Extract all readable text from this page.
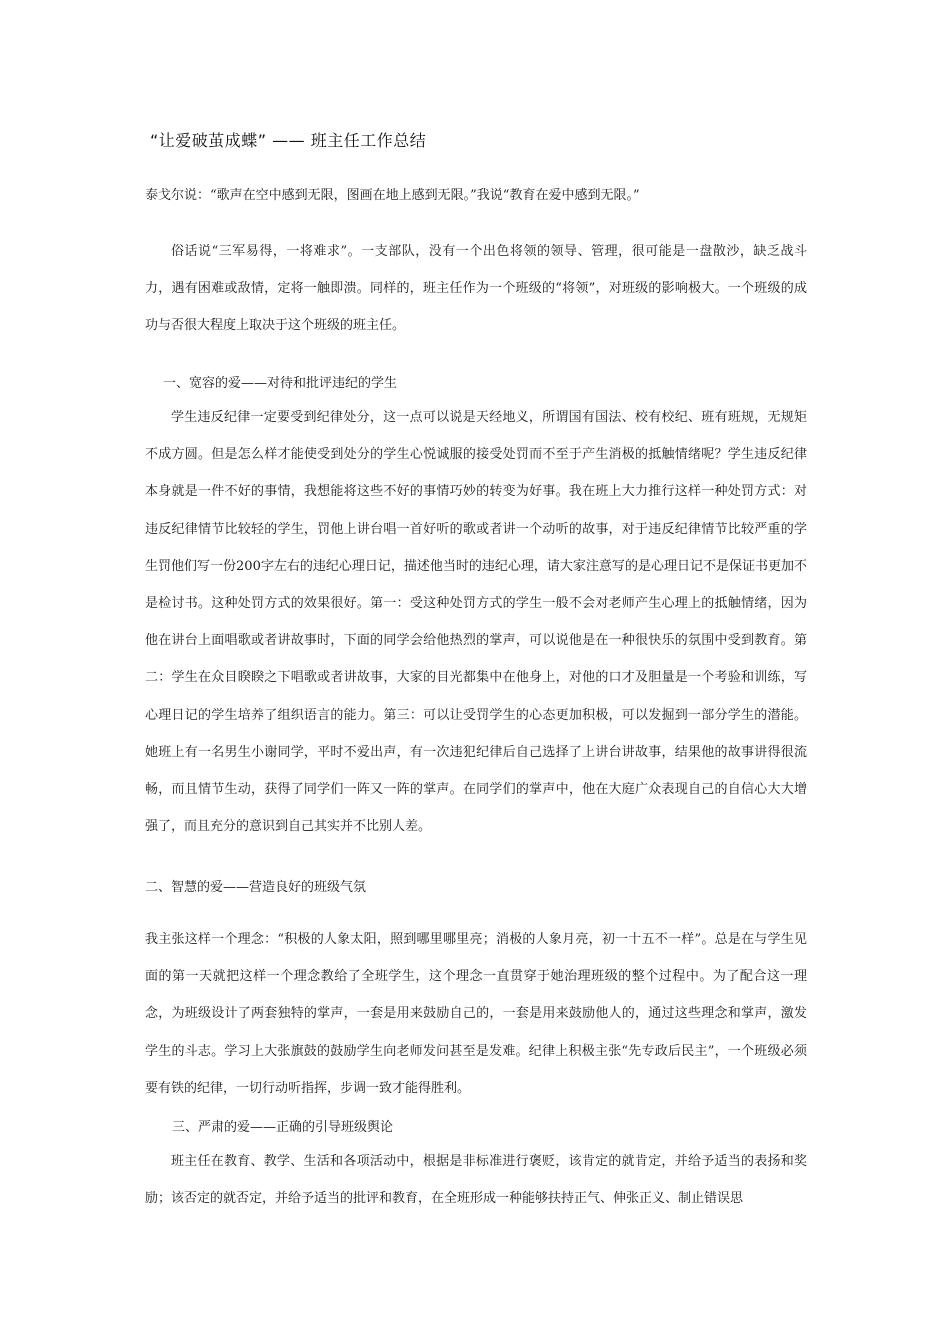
“让爱破茧成蝶” —— 班主任工作总结
泰戈尔说：“歌声在空中感到无限，图画在地上感到无限。”我说“教育在爱中感到无限。”
俗话说“三军易得，一将难求”。一支部队，没有一个出色将领的领导、管理，很可能是一盘散沙，缺乏战斗力，遇有困难或敌情，定将一触即溃。同样的，班主任作为一个班级的“将领”，对班级的影响极大。一个班级的成功与否很大程度上取决于这个班级的班主任。
一、宽容的爱——对待和批评违纪的学生
学生违反纪律一定要受到纪律处分，这一点可以说是天经地义，所谓国有国法、校有校纪、班有班规，无规矩不成方圆。但是怎么样才能使受到处分的学生心悦诚服的接受处罚而不至于产生消极的抵触情绪呢？学生违反纪律本身就是一件不好的事情，我想能将这些不好的事情巧妙的转变为好事。我在班上大力推行这样一种处罚方式：对违反纪律情节比较轻的学生，罚他上讲台唱一首好听的歌或者讲一个动听的故事，对于违反纪律情节比较严重的学生罚他们写一份200字左右的违纪心理日记，描述他当时的违纪心理，请大家注意写的是心理日记不是保证书更加不是检讨书。这种处罚方式的效果很好。第一：受这种处罚方式的学生一般不会对老师产生心理上的抵触情绪，因为他在讲台上面唱歌或者讲故事时，下面的同学会给他热烈的掌声，可以说他是在一种很快乐的氛围中受到教育。第二：学生在众目睽睽之下唱歌或者讲故事，大家的目光都集中在他身上，对他的口才及胆量是一个考验和训练，写心理日记的学生培养了组织语言的能力。第三：可以让受罚学生的心态更加积极，可以发掘到一部分学生的潜能。她班上有一名男生小谢同学，平时不爱出声，有一次违犯纪律后自己选择了上讲台讲故事，结果他的故事讲得很流畅，而且情节生动，获得了同学们一阵又一阵的掌声。在同学们的掌声中，他在大庭广众表现自己的自信心大大增强了，而且充分的意识到自己其实并不比别人差。
二、智慧的爱——营造良好的班级气氛
我主张这样一个理念：“积极的人象太阳，照到哪里哪里亮；消极的人象月亮，初一十五不一样”。总是在与学生见面的第一天就把这样一个理念教给了全班学生，这个理念一直贯穿于她治理班级的整个过程中。为了配合这一理念，为班级设计了两套独特的掌声，一套是用来鼓励自己的，一套是用来鼓励他人的，通过这些理念和掌声，激发学生的斗志。学习上大张旗鼓的鼓励学生向老师发问甚至是发难。纪律上积极主张“先专政后民主”，一个班级必须要有铁的纪律，一切行动听指挥，步调一致才能得胜利。
三、严肃的爱——正确的引导班级舆论
班主任在教育、教学、生活和各项活动中，根据是非标准进行褒贬，该肯定的就肯定，并给予适当的表扬和奖励；该否定的就否定，并给予适当的批评和教育，在全班形成一种能够扶持正气、伸张正义、制止错误思
